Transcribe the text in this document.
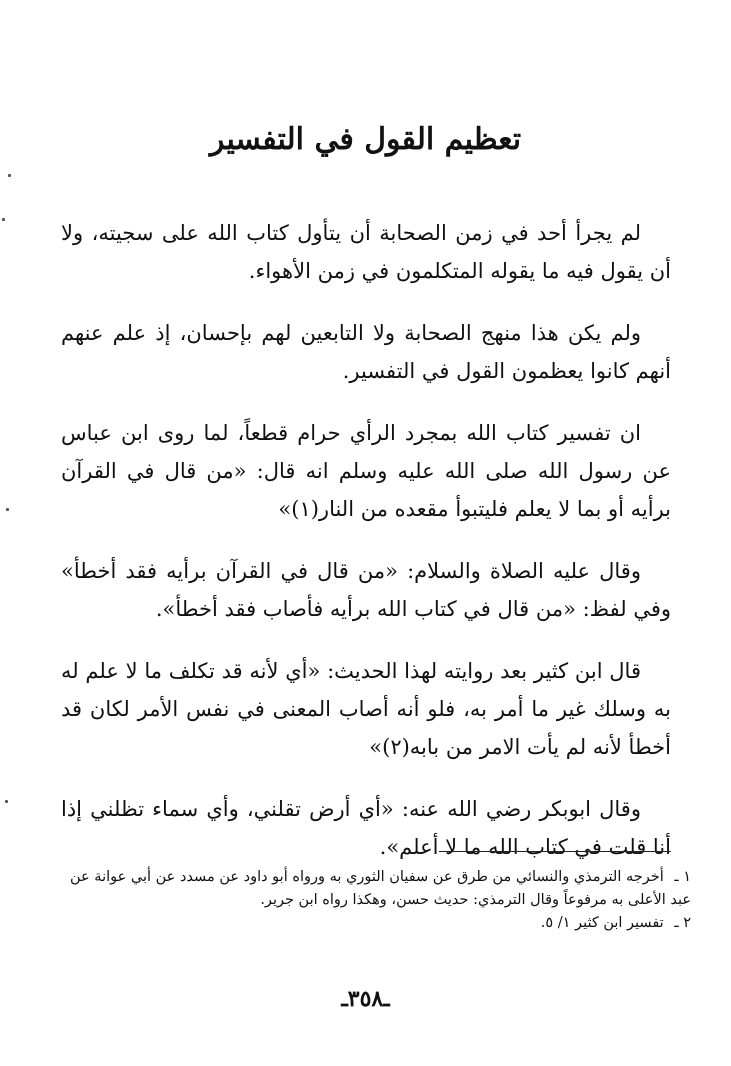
تعظيم القول في التفسير

لم يجرأ أحد في زمن الصحابة أن يتأول كتاب الله على سجيته، ولا أن يقول فيه ما يقوله المتكلمون في زمن الأهواء.

ولم يكن هذا منهج الصحابة ولا التابعين لهم بإحسان، إذ علم عنهم أنهم كانوا يعظمون القول في التفسير.

ان تفسير كتاب الله بمجرد الرأي حرام قطعاً، لما روى ابن عباس عن رسول الله صلى الله عليه وسلم انه قال: «من قال في القرآن برأيه أو بما لا يعلم فليتبوأ مقعده من النار(١)»

وقال عليه الصلاة والسلام: «من قال في القرآن برأيه فقد أخطأ» وفي لفظ: «من قال في كتاب الله برأيه فأصاب فقد أخطأ».

قال ابن كثير بعد روايته لهذا الحديث: «أي لأنه قد تكلف ما لا علم له به وسلك غير ما أمر به، فلو أنه أصاب المعنى في نفس الأمر لكان قد أخطأ لأنه لم يأت الامر من بابه(٢)»

وقال ابوبكر رضي الله عنه: «أي أرض تقلني، وأي سماء تظلني إذا أنا قلت في كتاب الله ما لا أعلم».

١ ـ أخرجه الترمذي والنسائي من طرق عن سفيان الثوري به ورواه أبو داود عن مسدد عن أبي عوانة عن عبد الأعلى به مرفوعاً وقال الترمذي: حديث حسن، وهكذا رواه ابن جرير.

٢ ـ تفسير ابن كثير ١/ ٥.

ـ٣٥٨ـ
